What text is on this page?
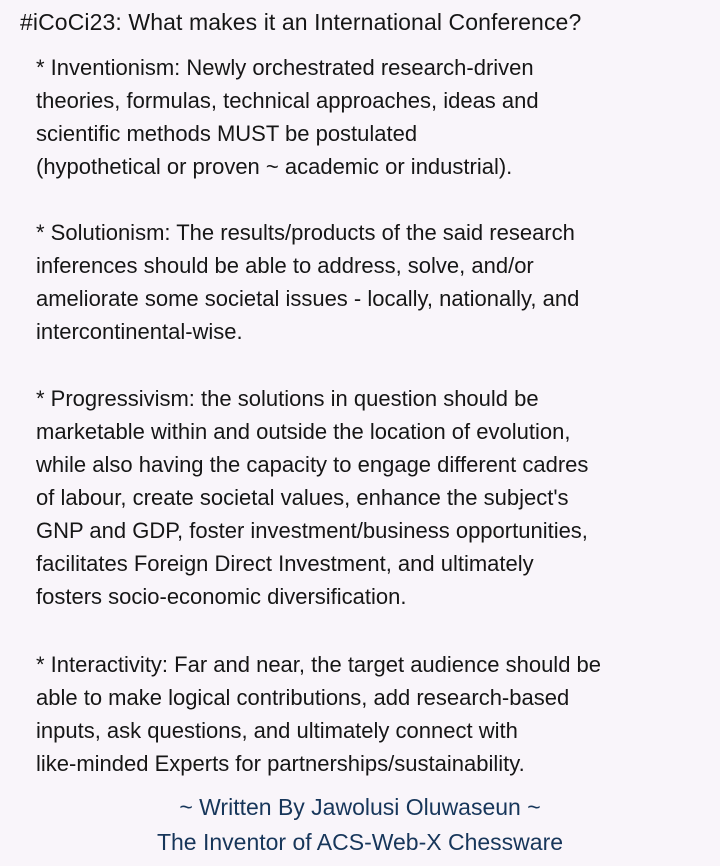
#iCoCi23: What makes it an International Conference?

* Inventionism: Newly orchestrated research-driven
theories, formulas, technical approaches, ideas and
scientific methods MUST be postulated
(hypothetical or proven ~ academic or industrial).

* Solutionism: The results/products of the said research
inferences should be able to address, solve, and/or
ameliorate some societal issues - locally, nationally, and
intercontinental-wise.

* Progressivism: the solutions in question should be
marketable within and outside the location of evolution,
while also having the capacity to engage different cadres
of labour, create societal values, enhance the subject's
GNP and GDP, foster investment/business opportunities,
facilitates Foreign Direct Investment, and ultimately
fosters socio-economic diversification.

* Interactivity: Far and near, the target audience should be
able to make logical contributions, add research-based
inputs, ask questions, and ultimately connect with
like-minded Experts for partnerships/sustainability.

~ Written By Jawolusi Oluwaseun ~
The Inventor of ACS-Web-X Chessware
